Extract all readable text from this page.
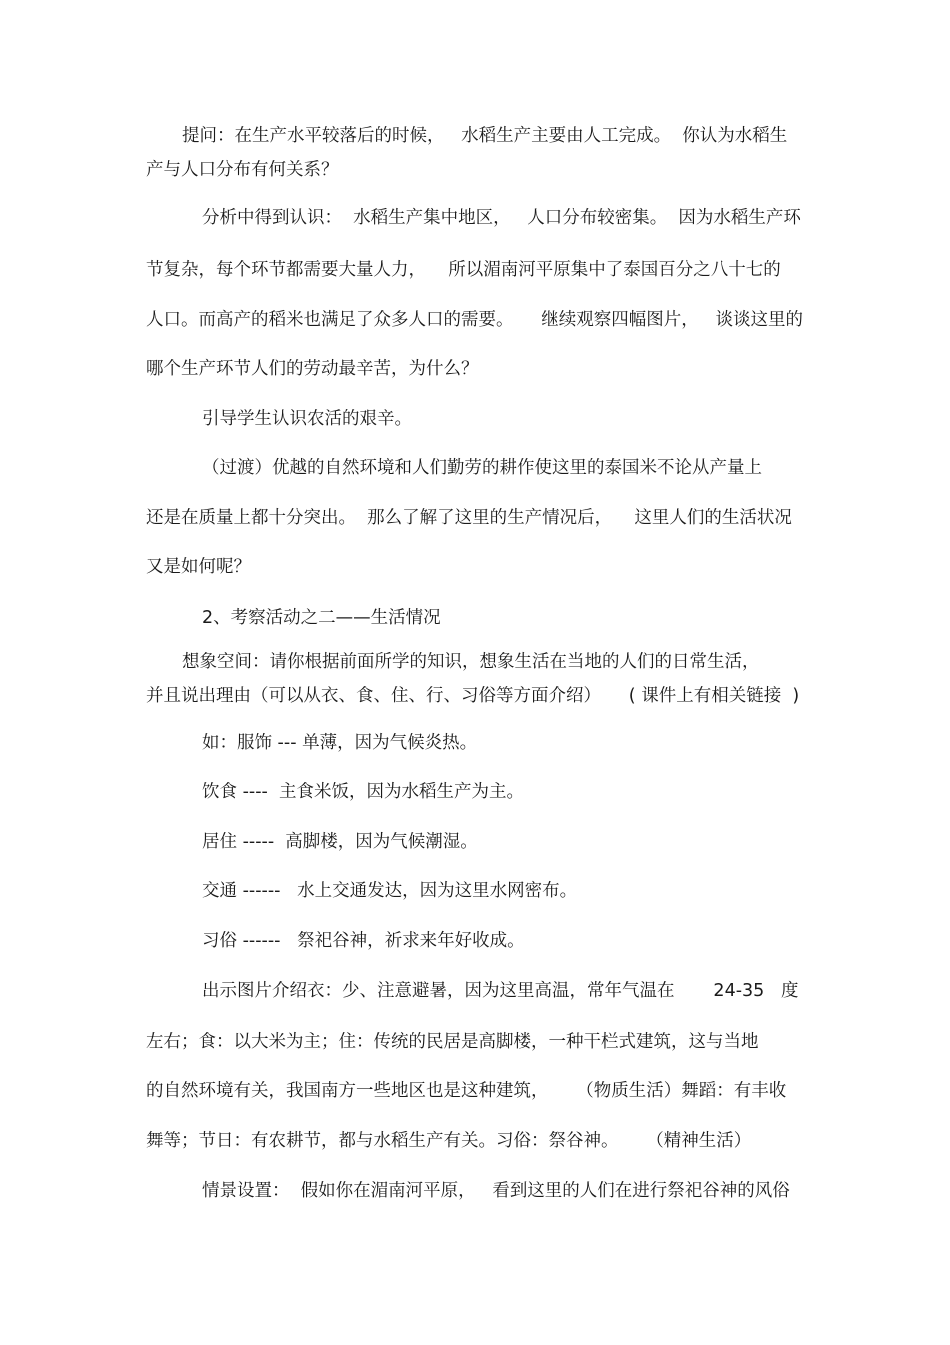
提问：在生产水平较落后的时候，   水稻生产主要由人工完成。  你认为水稻生
产与人口分布有何关系？
分析中得到认识：  水稻生产集中地区，   人口分布较密集。  因为水稻生产环
节复杂，每个环节都需要大量人力，    所以湄南河平原集中了泰国百分之八十七的
人口。而高产的稻米也满足了众多人口的需要。     继续观察四幅图片，   谈谈这里的
哪个生产环节人们的劳动最辛苦，为什么？
引导学生认识农活的艰辛。
（过渡）优越的自然环境和人们勤劳的耕作使这里的泰国米不论从产量上
还是在质量上都十分突出。  那么了解了这里的生产情况后，    这里人们的生活状况
又是如何呢？
2、考察活动之二——生活情况
想象空间：请你根据前面所学的知识，想象生活在当地的人们的日常生活，
并且说出理由（可以从衣、食、住、行、习俗等方面介绍）     ( 课件上有相关链接  )
如：服饰 --- 单薄，因为气候炎热。
饮食 ----  主食米饭，因为水稻生产为主。
居住 -----  高脚楼，因为气候潮湿。
交通 ------   水上交通发达，因为这里水网密布。
习俗 ------   祭祀谷神，祈求来年好收成。
出示图片介绍衣：少、注意避暑，因为这里高温，常年气温在       24-35   度
左右；食：以大米为主；住：传统的民居是高脚楼，一种干栏式建筑，这与当地
的自然环境有关，我国南方一些地区也是这种建筑，     （物质生活）舞蹈：有丰收
舞等；节日：有农耕节，都与水稻生产有关。习俗：祭谷神。     （精神生活）
情景设置：  假如你在湄南河平原，   看到这里的人们在进行祭祀谷神的风俗
